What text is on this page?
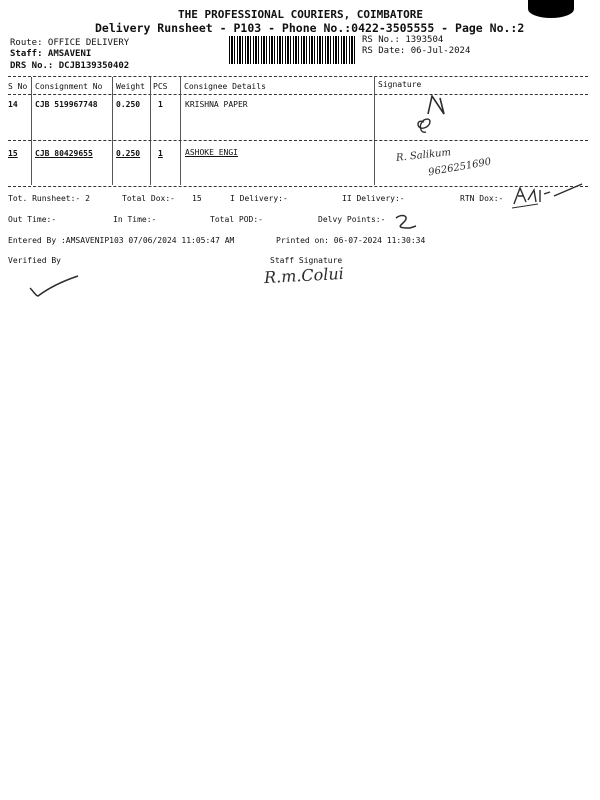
THE PROFESSIONAL COURIERS, COIMBATORE
Delivery Runsheet - P103 - Phone No.:0422-3505555 - Page No.:2
Route: OFFICE DELIVERY
Staff: AMSAVENI
DRS No.: DCJB139350402
RS No.: 1393504
RS Date: 06-Jul-2024
S No Consignment No Weight PCS Consignee Details	Signature
14 CJB 519967748 0.250 1	KRISHNA PAPER
15 CJB 80429655	0.250 1	ASHOKE ENGI	R. Salikum
9626251690
Tot. Runsheet:- 2	Total Dox:- 15	I Delivery:-	II Delivery:-	RTN Dox:-
Out Time:-	In Time:-	Total POD:-	Delvy Points:-
Entered By :AMSAVENIP103 07/06/2024 11:05:47 AM	Printed on: 06-07-2024 11:30:34
Verified By	Staff Signature
R.m.Colui
